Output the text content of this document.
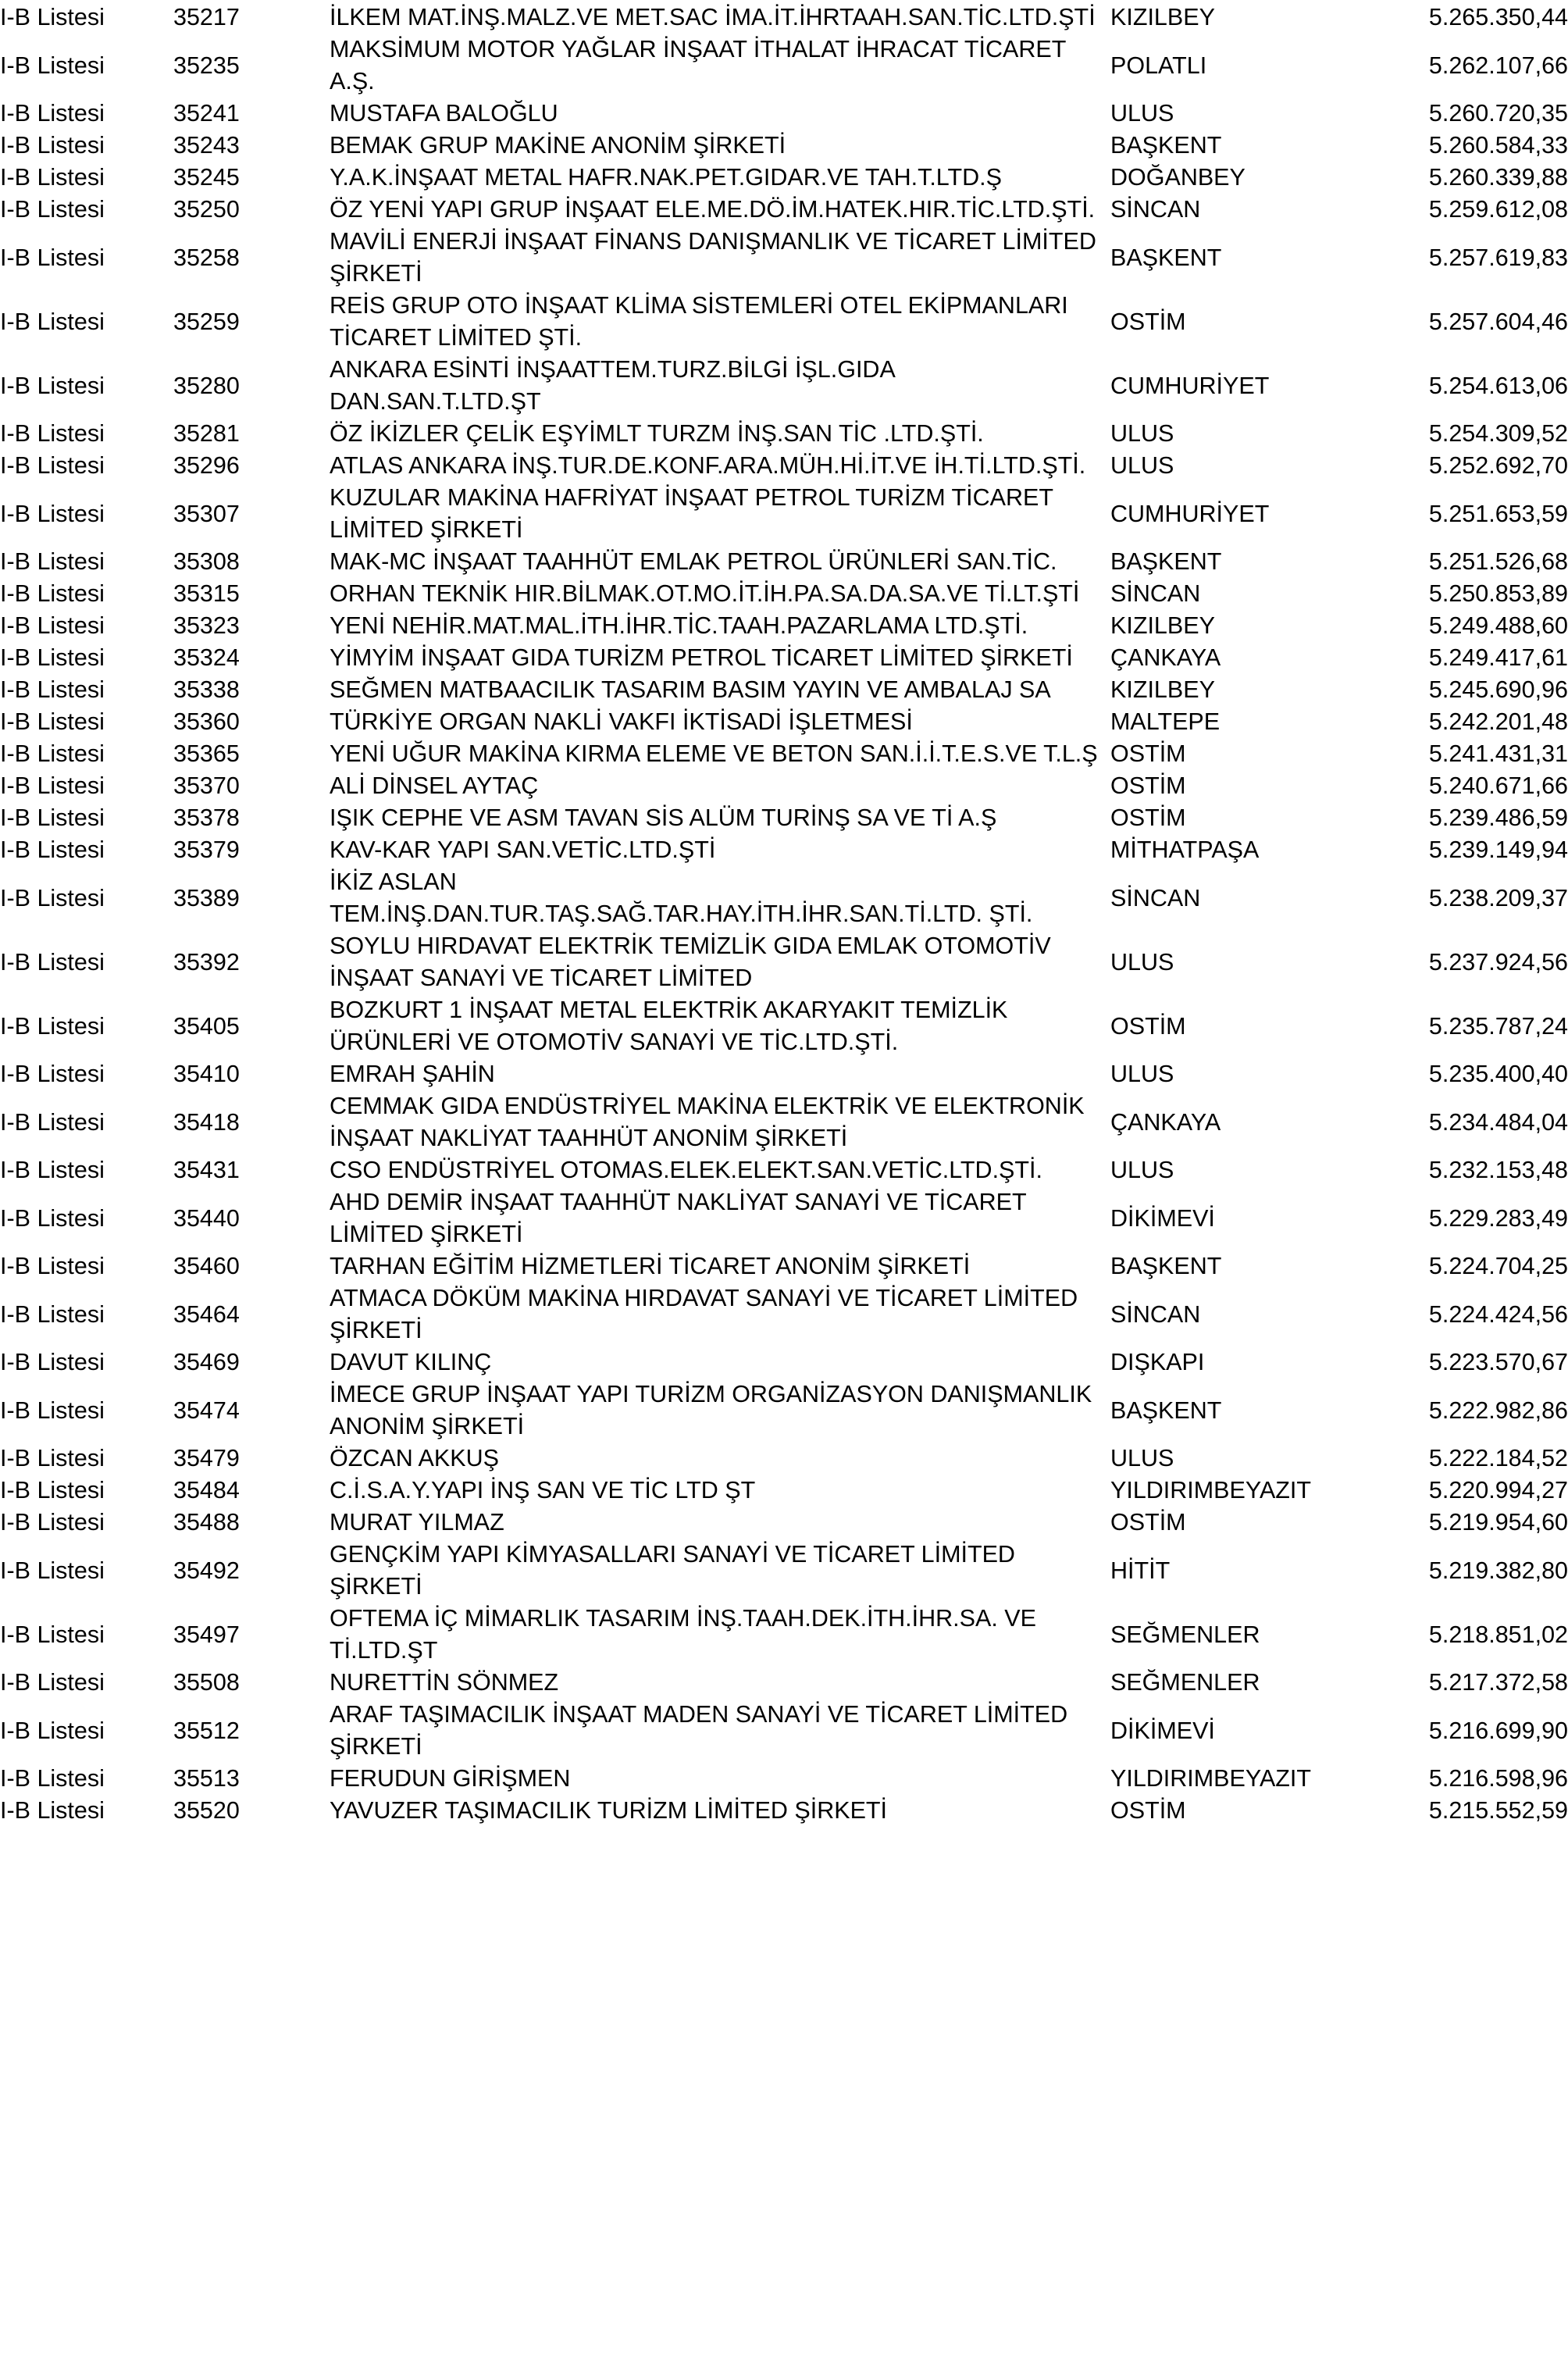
I-B Listesi	35217	İLKEM MAT.İNŞ.MALZ.VE MET.SAC İMA.İT.İHRTAAH.SAN.TİC.LTD.ŞTİ	KIZILBEY	5.265.350,44
I-B Listesi	35235	MAKSİMUM MOTOR YAĞLAR İNŞAAT İTHALAT İHRACAT TİCARET A.Ş.	POLATLI	5.262.107,66
I-B Listesi	35241	MUSTAFA BALOĞLU	ULUS	5.260.720,35
I-B Listesi	35243	BEMAK GRUP MAKİNE ANONİM ŞİRKETİ	BAŞKENT	5.260.584,33
I-B Listesi	35245	Y.A.K.İNŞAAT METAL HAFR.NAK.PET.GIDAR.VE TAH.T.LTD.Ş	DOĞANBEY	5.260.339,88
I-B Listesi	35250	ÖZ YENİ YAPI GRUP İNŞAAT ELE.ME.DÖ.İM.HATEK.HIR.TİC.LTD.ŞTİ.	SİNCAN	5.259.612,08
I-B Listesi	35258	MAVİLİ ENERJİ İNŞAAT FİNANS DANIŞMANLIK VE TİCARET LİMİTED ŞİRKETİ	BAŞKENT	5.257.619,83
I-B Listesi	35259	REİS GRUP OTO İNŞAAT KLİMA SİSTEMLERİ OTEL EKİPMANLARI TİCARET LİMİTED ŞTİ.	OSTİM	5.257.604,46
I-B Listesi	35280	ANKARA ESİNTİ İNŞAATTEM.TURZ.BİLGİ İŞL.GIDA DAN.SAN.T.LTD.ŞT	CUMHURİYET	5.254.613,06
I-B Listesi	35281	ÖZ İKİZLER ÇELİK EŞYİMLT TURZM İNŞ.SAN TİC .LTD.ŞTİ.	ULUS	5.254.309,52
I-B Listesi	35296	ATLAS ANKARA İNŞ.TUR.DE.KONF.ARA.MÜH.Hİ.İT.VE İH.Tİ.LTD.ŞTİ.	ULUS	5.252.692,70
I-B Listesi	35307	KUZULAR MAKİNA HAFRİYAT İNŞAAT PETROL TURİZM TİCARET LİMİTED ŞİRKETİ	CUMHURİYET	5.251.653,59
I-B Listesi	35308	MAK-MC İNŞAAT TAAHHÜT EMLAK PETROL ÜRÜNLERİ SAN.TİC.	BAŞKENT	5.251.526,68
I-B Listesi	35315	ORHAN TEKNİK HIR.BİLMAK.OT.MO.İT.İH.PA.SA.DA.SA.VE Tİ.LT.ŞTİ	SİNCAN	5.250.853,89
I-B Listesi	35323	YENİ NEHİR.MAT.MAL.İTH.İHR.TİC.TAAH.PAZARLAMA LTD.ŞTİ.	KIZILBEY	5.249.488,60
I-B Listesi	35324	YİMYİM İNŞAAT GIDA TURİZM PETROL TİCARET LİMİTED ŞİRKETİ	ÇANKAYA	5.249.417,61
I-B Listesi	35338	SEĞMEN MATBAACILIK TASARIM BASIM YAYIN VE AMBALAJ SA	KIZILBEY	5.245.690,96
I-B Listesi	35360	TÜRKİYE ORGAN NAKLİ VAKFI İKTİSADİ İŞLETMESİ	MALTEPE	5.242.201,48
I-B Listesi	35365	YENİ UĞUR MAKİNA KIRMA ELEME VE BETON SAN.İ.İ.T.E.S.VE T.L.Ş	OSTİM	5.241.431,31
I-B Listesi	35370	ALİ DİNSEL AYTAÇ	OSTİM	5.240.671,66
I-B Listesi	35378	IŞIK CEPHE VE ASM TAVAN SİS ALÜM TURİNŞ SA VE Tİ A.Ş	OSTİM	5.239.486,59
I-B Listesi	35379	KAV-KAR YAPI SAN.VETİC.LTD.ŞTİ	MİTHATPAŞA	5.239.149,94
I-B Listesi	35389	İKİZ ASLAN TEM.İNŞ.DAN.TUR.TAŞ.SAĞ.TAR.HAY.İTH.İHR.SAN.Tİ.LTD. ŞTİ.	SİNCAN	5.238.209,37
I-B Listesi	35392	SOYLU HIRDAVAT ELEKTRİK TEMİZLİK GIDA EMLAK OTOMOTİV İNŞAAT SANAYİ VE TİCARET LİMİTED	ULUS	5.237.924,56
I-B Listesi	35405	BOZKURT 1 İNŞAAT METAL ELEKTRİK AKARYAKIT TEMİZLİK ÜRÜNLERİ VE OTOMOTİV SANAYİ VE TİC.LTD.ŞTİ.	OSTİM	5.235.787,24
I-B Listesi	35410	EMRAH ŞAHİN	ULUS	5.235.400,40
I-B Listesi	35418	CEMMAK GIDA ENDÜSTRİYEL MAKİNA ELEKTRİK VE ELEKTRONİK İNŞAAT NAKLİYAT TAAHHÜT ANONİM ŞİRKETİ	ÇANKAYA	5.234.484,04
I-B Listesi	35431	CSO ENDÜSTRİYEL OTOMAS.ELEK.ELEKT.SAN.VETİC.LTD.ŞTİ.	ULUS	5.232.153,48
I-B Listesi	35440	AHD DEMİR İNŞAAT TAAHHÜT NAKLİYAT SANAYİ VE TİCARET LİMİTED ŞİRKETİ	DİKİMEVİ	5.229.283,49
I-B Listesi	35460	TARHAN EĞİTİM HİZMETLERİ TİCARET ANONİM ŞİRKETİ	BAŞKENT	5.224.704,25
I-B Listesi	35464	ATMACA DÖKÜM MAKİNA HIRDAVAT SANAYİ VE TİCARET LİMİTED ŞİRKETİ	SİNCAN	5.224.424,56
I-B Listesi	35469	DAVUT KILINÇ	DIŞKAPI	5.223.570,67
I-B Listesi	35474	İMECE GRUP İNŞAAT YAPI TURİZM ORGANİZASYON DANIŞMANLIK ANONİM ŞİRKETİ	BAŞKENT	5.222.982,86
I-B Listesi	35479	ÖZCAN AKKUŞ	ULUS	5.222.184,52
I-B Listesi	35484	C.İ.S.A.Y.YAPI İNŞ SAN VE TİC LTD ŞT	YILDIRIMBEYAZIT	5.220.994,27
I-B Listesi	35488	MURAT YILMAZ	OSTİM	5.219.954,60
I-B Listesi	35492	GENÇKİM YAPI KİMYASALLARI SANAYİ VE TİCARET LİMİTED ŞİRKETİ	HİTİT	5.219.382,80
I-B Listesi	35497	OFTEMA İÇ MİMARLIK TASARIM İNŞ.TAAH.DEK.İTH.İHR.SA. VE Tİ.LTD.ŞT	SEĞMENLER	5.218.851,02
I-B Listesi	35508	NURETTİN SÖNMEZ	SEĞMENLER	5.217.372,58
I-B Listesi	35512	ARAF TAŞIMACILIK İNŞAAT MADEN SANAYİ VE TİCARET LİMİTED ŞİRKETİ	DİKİMEVİ	5.216.699,90
I-B Listesi	35513	FERUDUN GİRİŞMEN	YILDIRIMBEYAZIT	5.216.598,96
I-B Listesi	35520	YAVUZER TAŞIMACILIK TURİZM LİMİTED ŞİRKETİ	OSTİM	5.215.552,59
